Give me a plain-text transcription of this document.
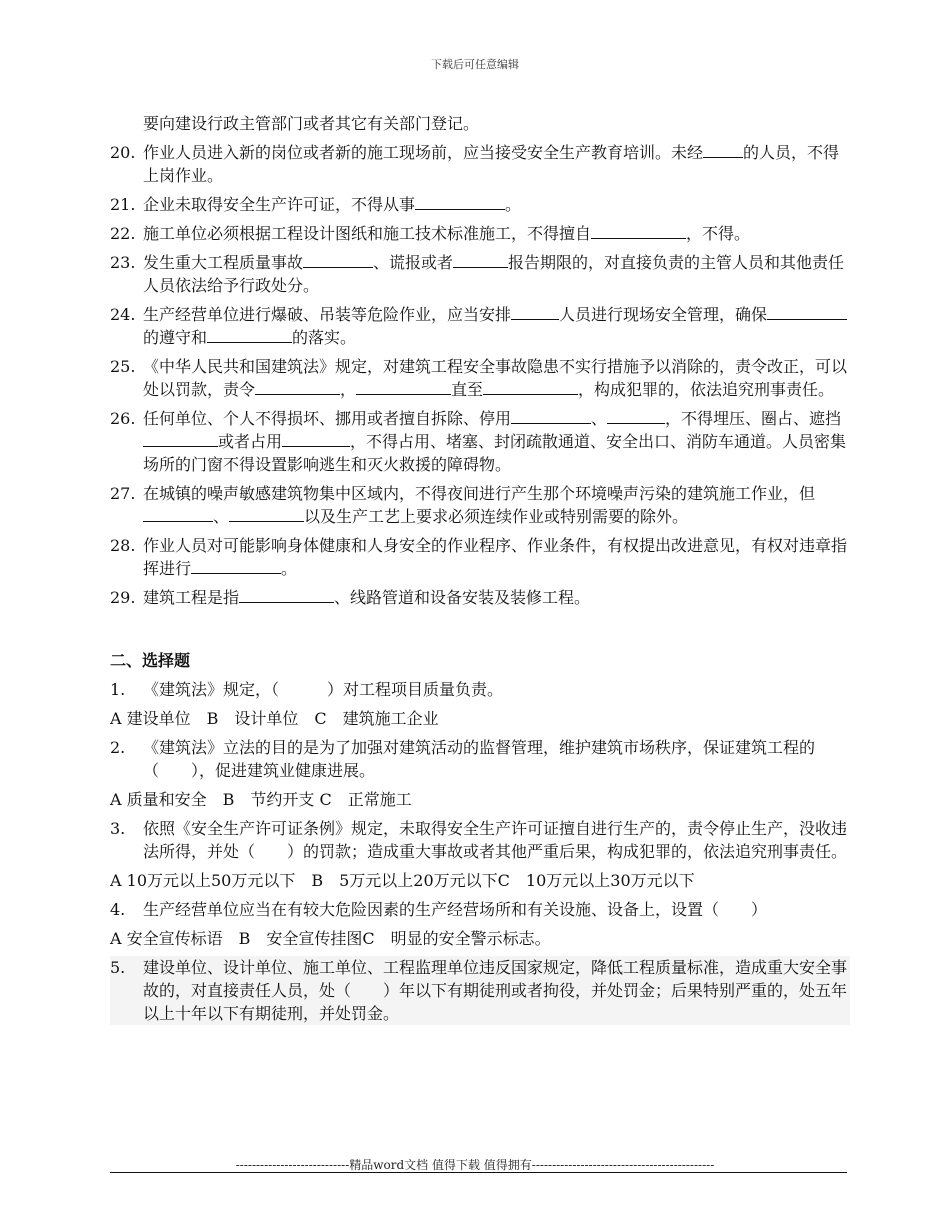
下载后可任意编辑
要向建设行政主管部门或者其它有关部门登记。
20. 作业人员进入新的岗位或者新的施工现场前，应当接受安全生产教育培训。未经	的人员，不得上岗作业。
21. 企业未取得安全生产许可证，不得从事	。
22. 施工单位必须根据工程设计图纸和施工技术标准施工，不得擅自	，不得。
23. 发生重大工程质量事故	、谎报或者	报告期限的，对直接负责的主管人员和其他责任人员依法给予行政处分。
24. 生产经营单位进行爆破、吊装等危险作业，应当安排	人员进行现场安全管理，确保的遵守和	的落实。
25. 《中华人民共和国建筑法》规定，对建筑工程安全事故隐患不实行措施予以消除的，责令改正，可以处以罚款，责令	，	直至	，构成犯罪的，依法追究刑事责任。
26. 任何单位、个人不得损坏、挪用或者擅自拆除、停用	、	，不得埋压、圈占、遮挡或者占用	，不得占用、堵塞、封闭疏散通道、安全出口、消防车通道。人员密集场所的门窗不得设置影响逃生和灭火救援的障碍物。
27. 在城镇的噪声敏感建筑物集中区域内，不得夜间进行产生那个环境噪声污染的建筑施工作业，但、	以及生产工艺上要求必须连续作业或特别需要的除外。
28. 作业人员对可能影响身体健康和人身安全的作业程序、作业条件，有权提出改进意见，有权对违章指挥进行	。
29. 建筑工程是指	、线路管道和设备安装及装修工程。
二、选择题
1.	《建筑法》规定，（　　　）对工程项目质量负责。
A 建设单位　B　设计单位　C　建筑施工企业
2.	《建筑法》立法的目的是为了加强对建筑活动的监督管理，维护建筑市场秩序，保证建筑工程的（　　），促进建筑业健康进展。
A 质量和安全　B　节约开支 C　正常施工
3.	依照《安全生产许可证条例》规定，未取得安全生产许可证擅自进行生产的，责令停止生产，没收违法所得，并处（　　）的罚款；造成重大事故或者其他严重后果，构成犯罪的，依法追究刑事责任。
A 10万元以上50万元以下　B　5万元以上20万元以下C　10万元以上30万元以下
4.	生产经营单位应当在有较大危险因素的生产经营场所和有关设施、设备上，设置（　　）
A 安全宣传标语　B　安全宣传挂图C　明显的安全警示标志。
5.	建设单位、设计单位、施工单位、工程监理单位违反国家规定，降低工程质量标准，造成重大安全事故的，对直接责任人员，处（　　）年以下有期徒刑或者拘役，并处罚金；后果特别严重的，处五年以上十年以下有期徒刑，并处罚金。
----------------------------精品word文档 值得下载 值得拥有---------------------------------------------
